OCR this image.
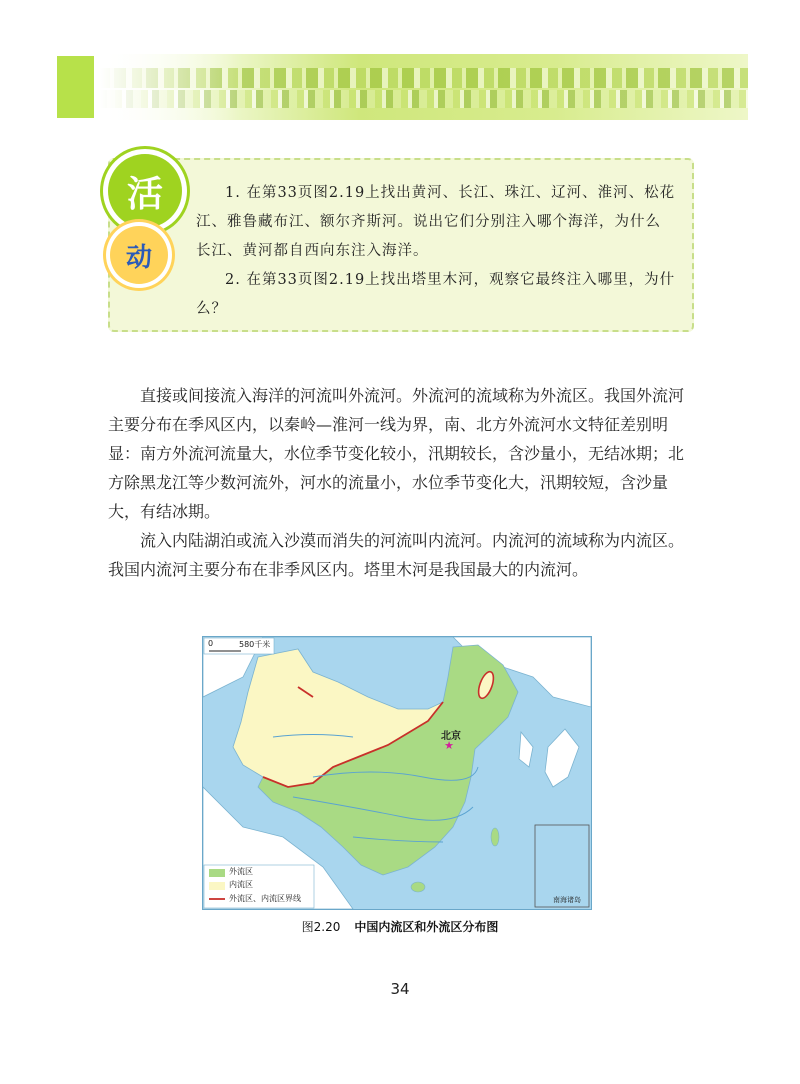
活
动

1. 在第33页图2.19上找出黄河、长江、珠江、辽河、淮河、松花江、雅鲁藏布江、额尔齐斯河。说出它们分别注入哪个海洋，为什么长江、黄河都自西向东注入海洋。

2. 在第33页图2.19上找出塔里木河，观察它最终注入哪里，为什么？

直接或间接流入海洋的河流叫外流河。外流河的流域称为外流区。我国外流河主要分布在季风区内，以秦岭—淮河一线为界，南、北方外流河水文特征差别明显：南方外流河流量大，水位季节变化较小，汛期较长，含沙量小，无结冰期；北方除黑龙江等少数河流外，河水的流量小，水位季节变化大，汛期较短，含沙量大，有结冰期。

流入内陆湖泊或流入沙漠而消失的河流叫内流河。内流河的流域称为内流区。我国内流河主要分布在非季风区内。塔里木河是我国最大的内流河。

★
0	580千米
北京
南海诸岛
外流区
内流区
外流区、内流区界线
图2.20 中国内流区和外流区分布图
34
